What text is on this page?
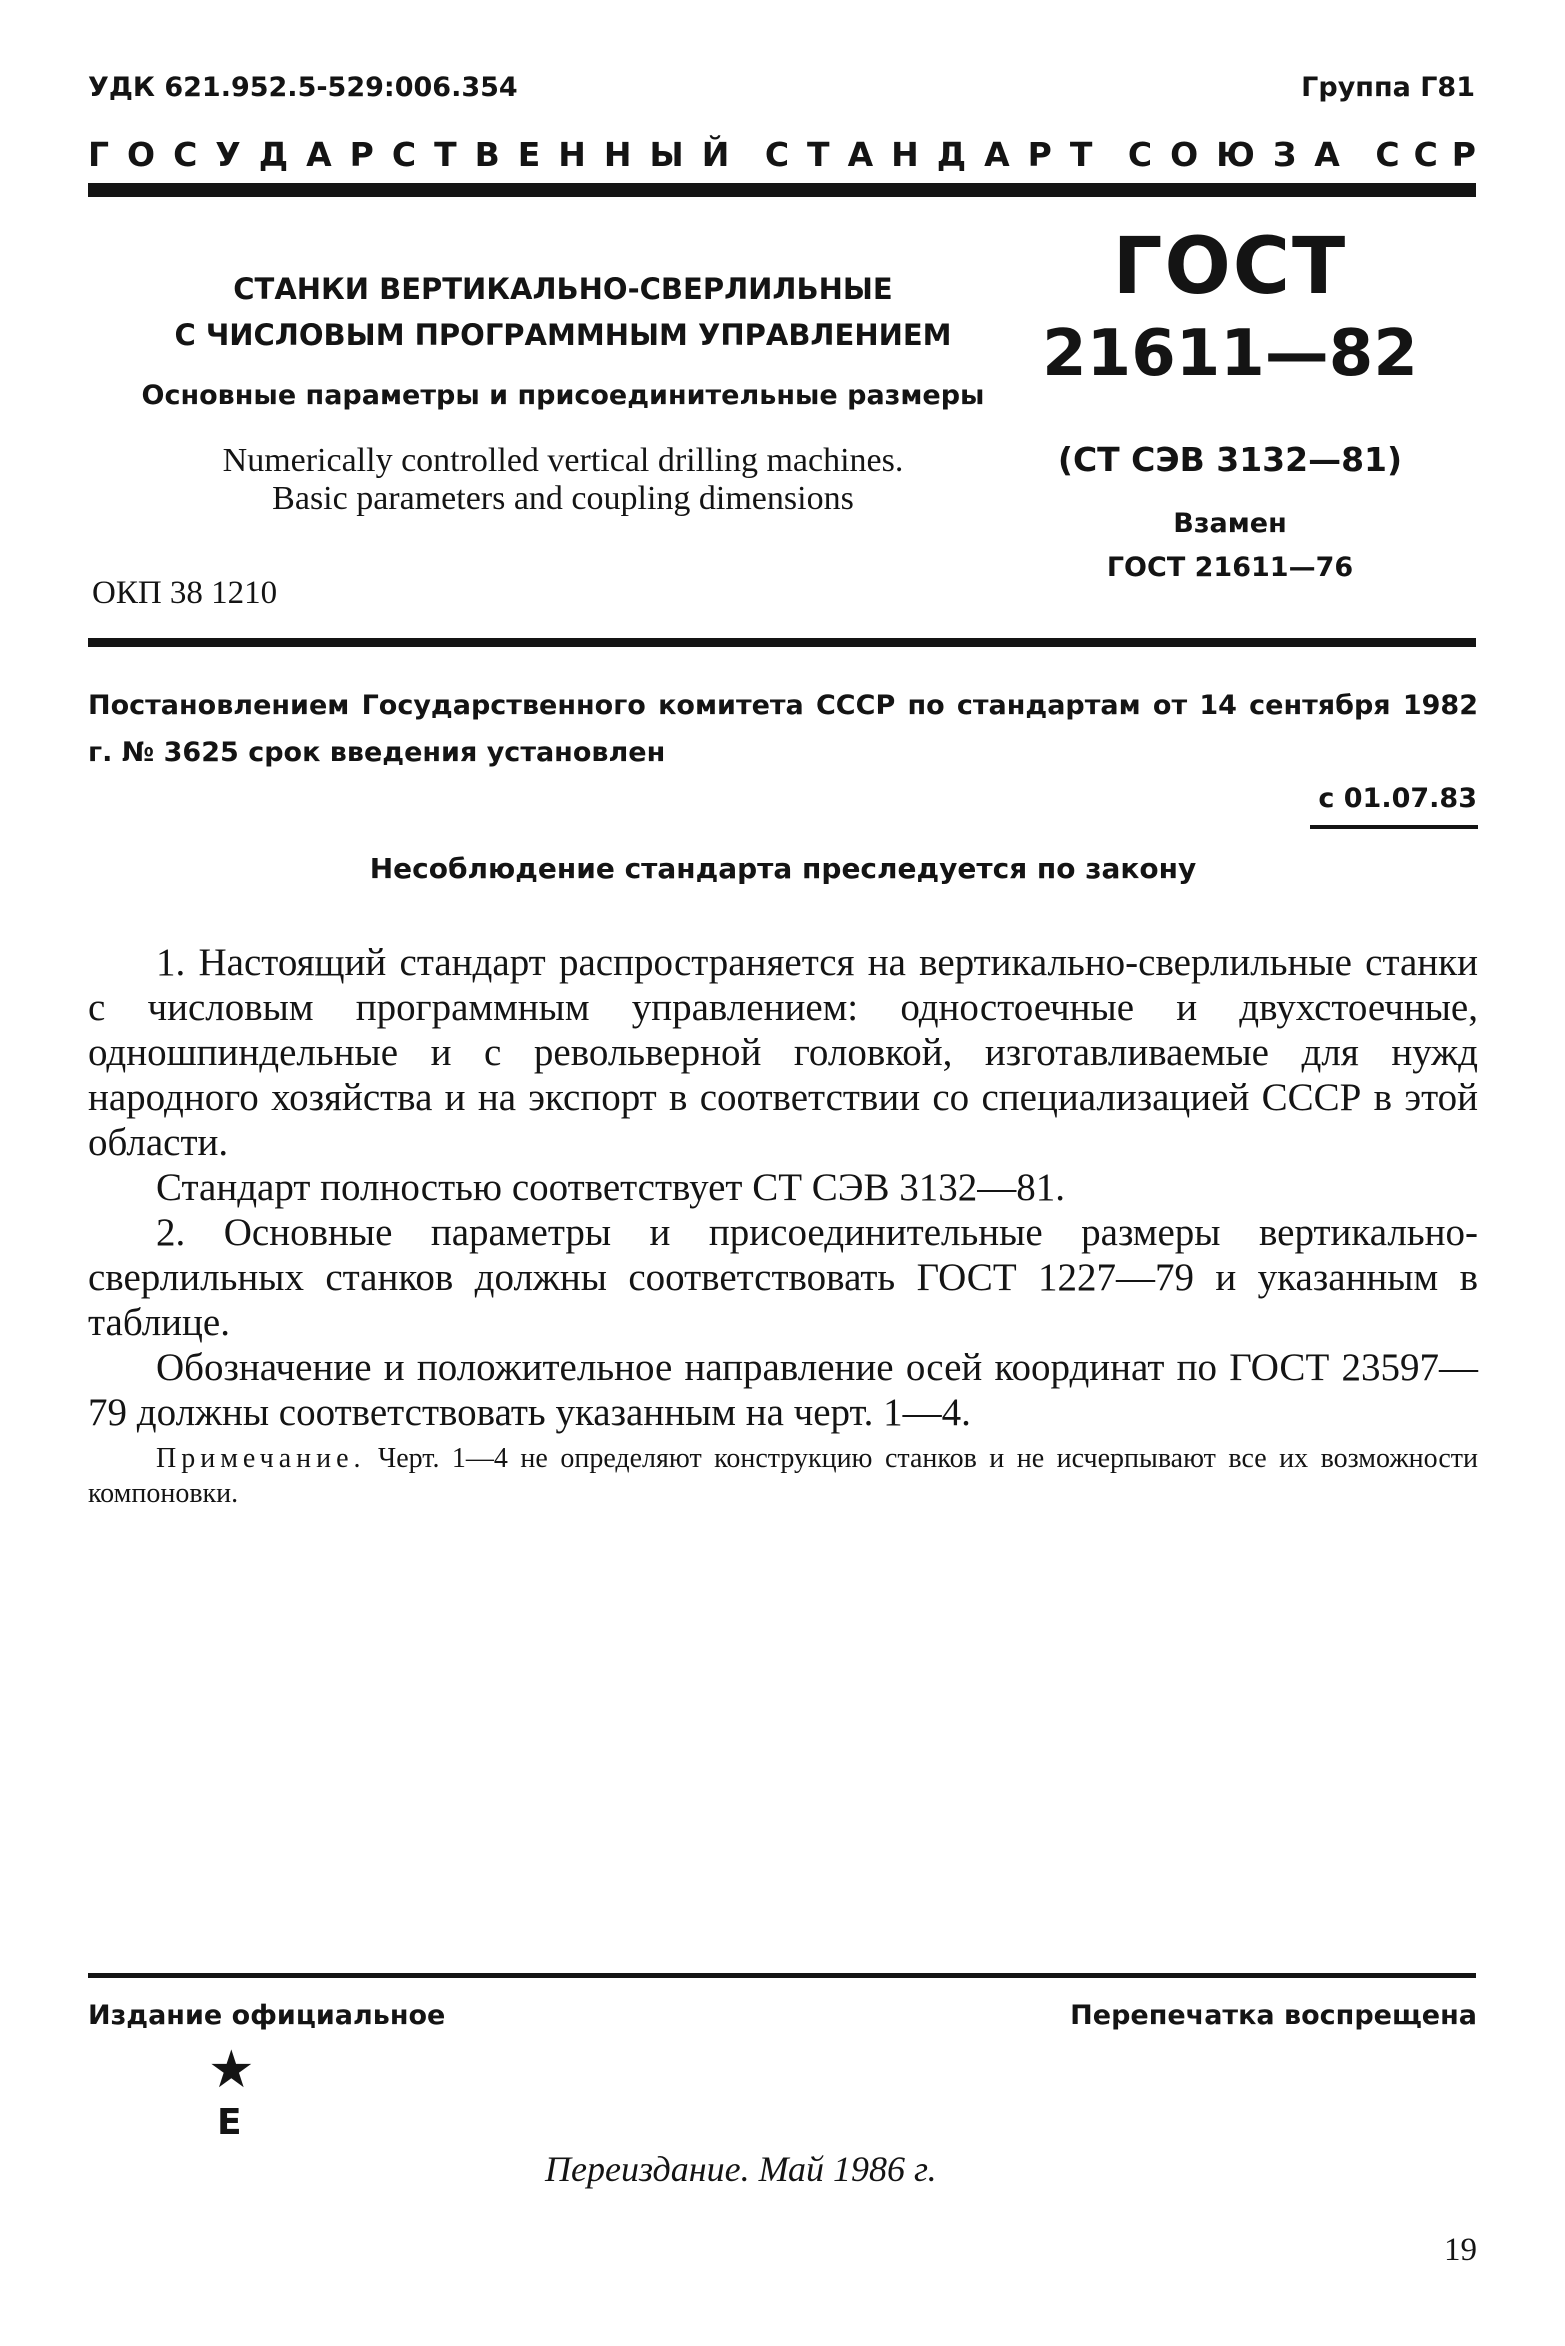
УДК 621.952.5-529:006.354	Группа Г81
ГОСУДАРСТВЕННЫЙ СТАНДАРТ СОЮЗА ССР
СТАНКИ ВЕРТИКАЛЬНО-СВЕРЛИЛЬНЫЕ
С ЧИСЛОВЫМ ПРОГРАММНЫМ УПРАВЛЕНИЕМ
Основные параметры и присоединительные размеры
Numerically controlled vertical drilling machines.
Basic parameters and coupling dimensions
ОКП 38 1210
ГОСТ
21611—82
(СТ СЭВ 3132—81)
Взамен
ГОСТ 21611—76
Постановлением Государственного комитета СССР по стандартам от 14 сентября 1982 г. № 3625 срок введения установлен
с 01.07.83
Несоблюдение стандарта преследуется по закону

1. Настоящий стандарт распространяется на вертикально-сверлильные станки с числовым программным управлением: одностоечные и двухстоечные, одношпиндельные и с револьверной головкой, изготавливаемые для нужд народного хозяйства и на экспорт в соответствии со специализацией СССР в этой области.

Стандарт полностью соответствует СТ СЭВ 3132—81.

2. Основные параметры и присоединительные размеры вертикально-сверлильных станков должны соответствовать ГОСТ 1227—79 и указанным в таблице.

Обозначение и положительное направление осей координат по ГОСТ 23597—79 должны соответствовать указанным на черт. 1—4.

Примечание. Черт. 1—4 не определяют конструкцию станков и не исчерпывают все их возможности компоновки.

Издание официальное	Перепечатка воспрещена
★
Е
Переиздание. Май 1986 г.
19
